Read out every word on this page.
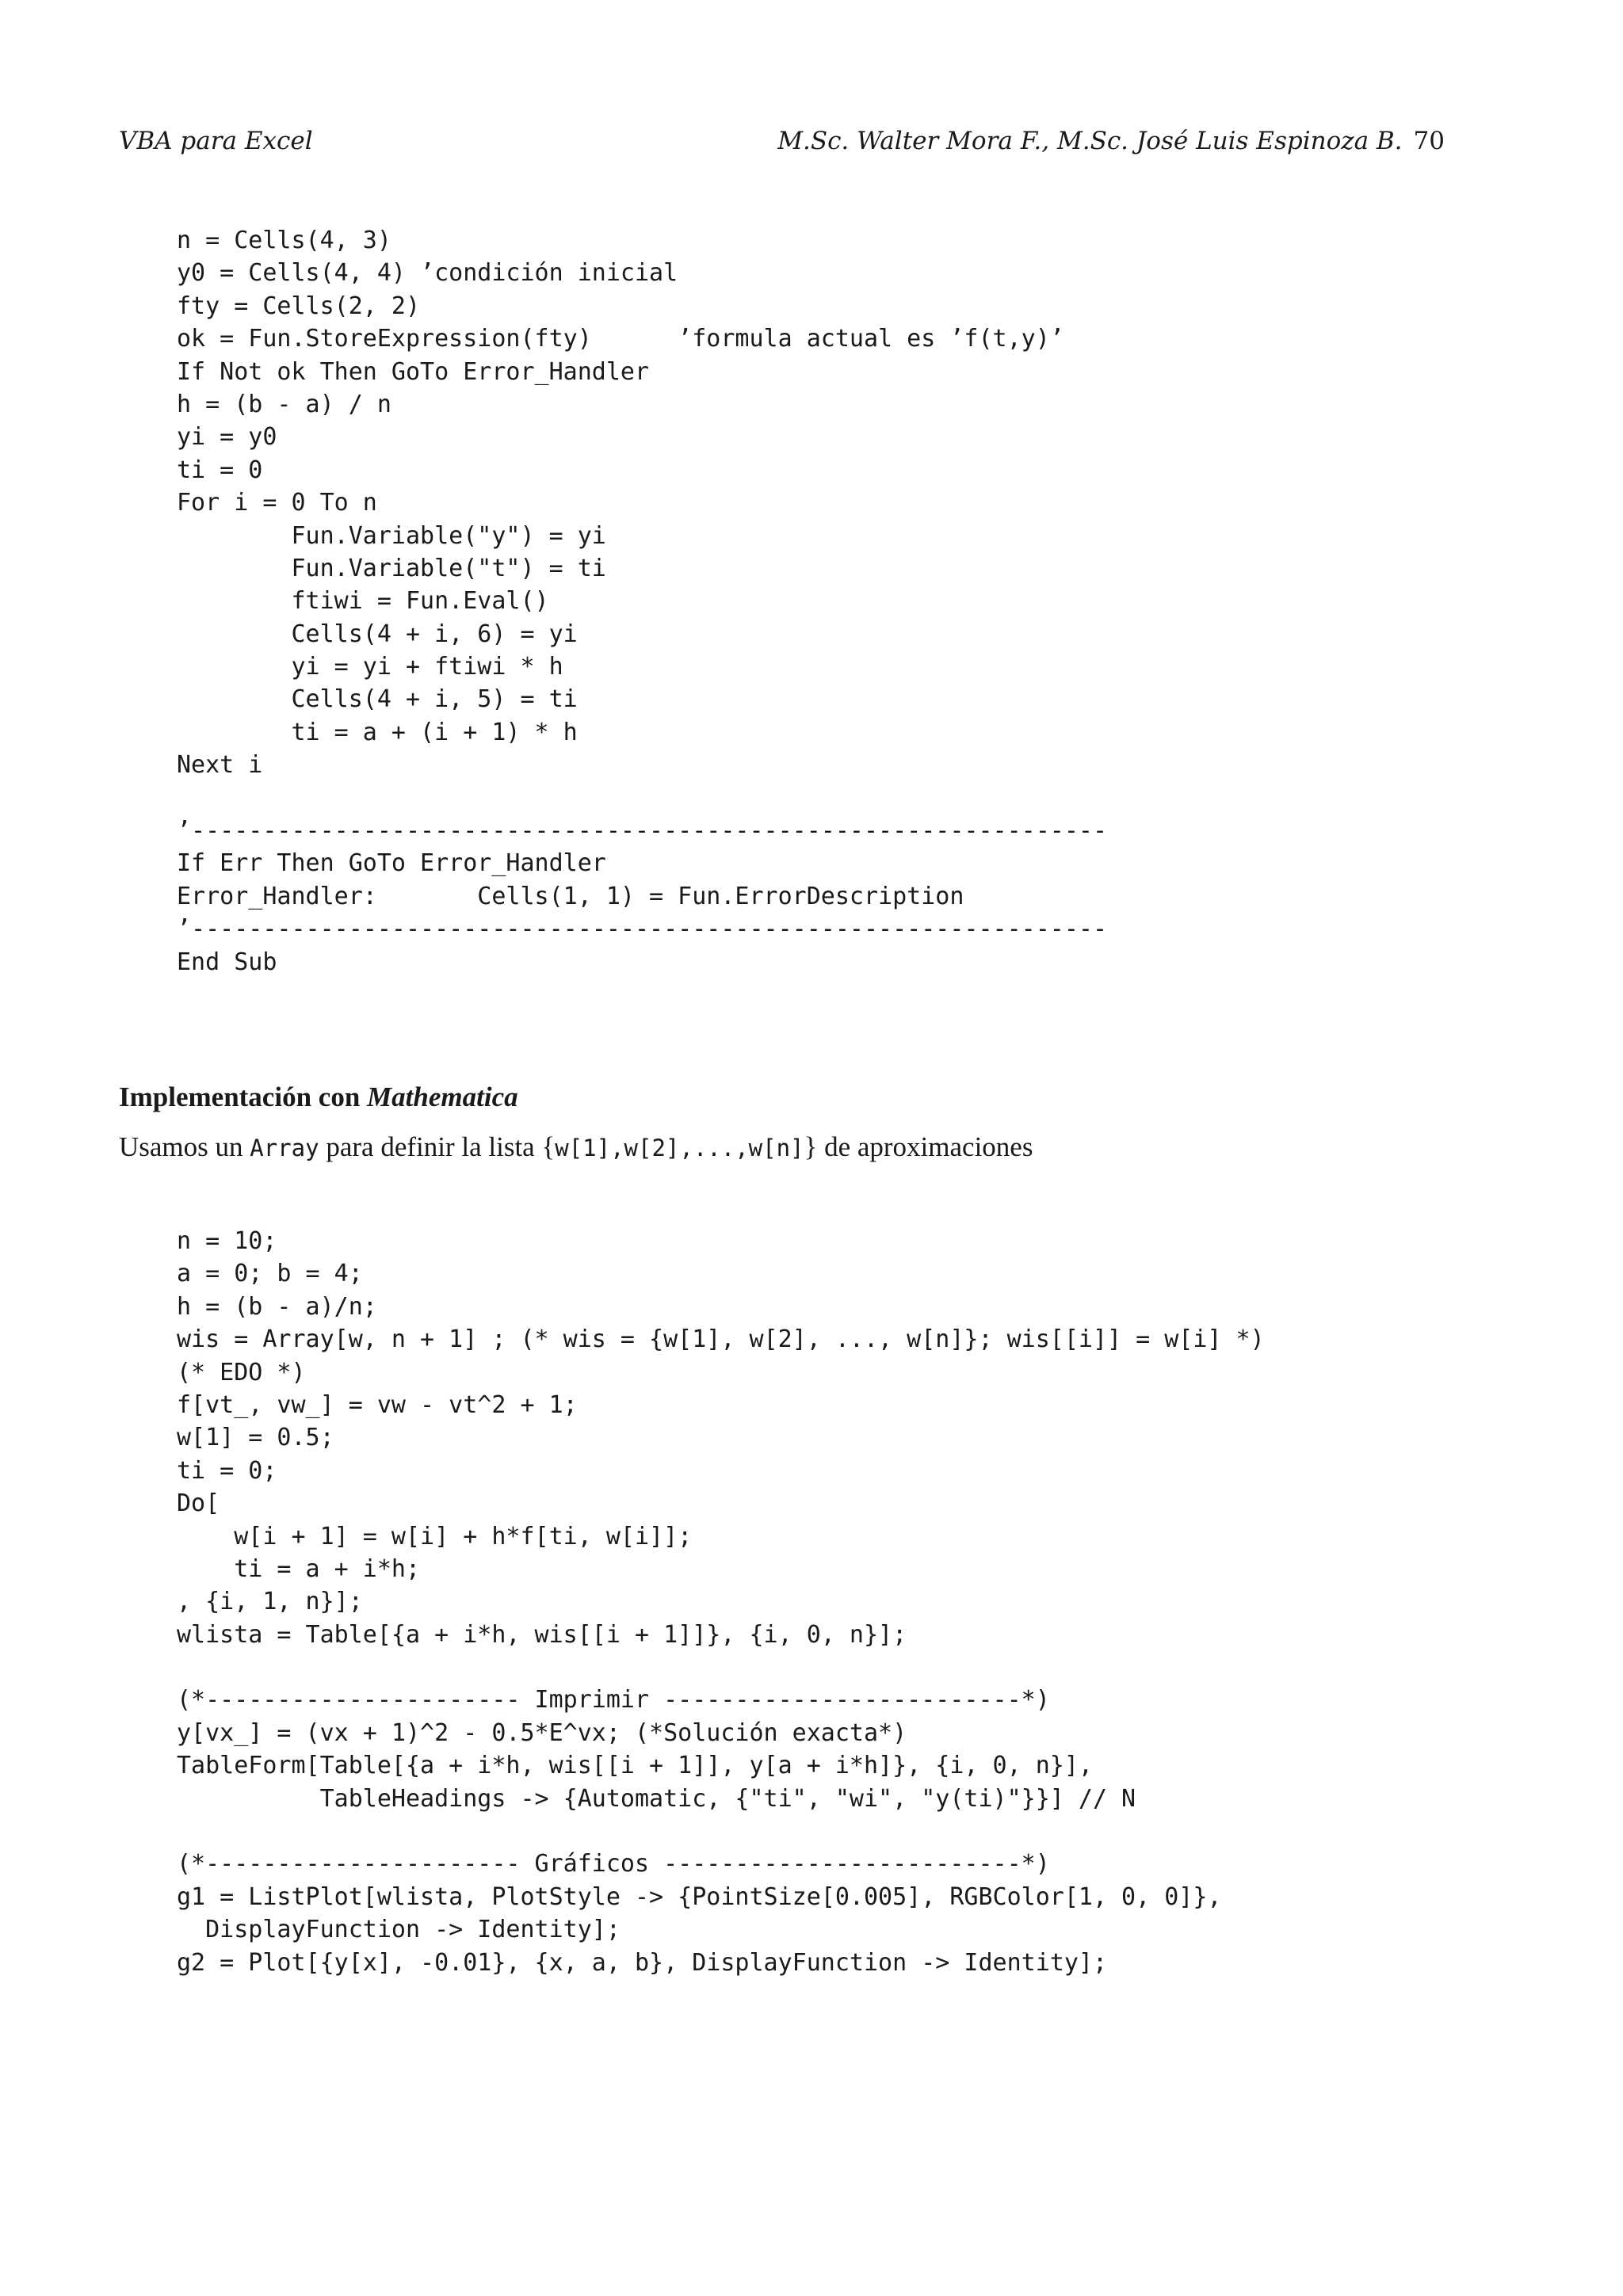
VBA para Excel	M.Sc. Walter Mora F., M.Sc. José Luis Espinoza B. 70
n = Cells(4, 3)
y0 = Cells(4, 4) ’condición inicial
fty = Cells(2, 2)
ok = Fun.StoreExpression(fty)      ’formula actual es ’f(t,y)’
If Not ok Then GoTo Error_Handler
h = (b - a) / n
yi = y0
ti = 0
For i = 0 To n
Fun.Variable("y") = yi
Fun.Variable("t") = ti
ftiwi = Fun.Eval()
Cells(4 + i, 6) = yi
yi = yi + ftiwi * h
Cells(4 + i, 5) = ti
ti = a + (i + 1) * h
Next i
’----------------------------------------------------------------
If Err Then GoTo Error_Handler
Error_Handler:       Cells(1, 1) = Fun.ErrorDescription
’----------------------------------------------------------------
End Sub
Implementación con Mathematica
Usamos un Array para definir la lista {w[1],w[2],...,w[n]} de aproximaciones
n = 10;
a = 0; b = 4;
h = (b - a)/n;
wis = Array[w, n + 1] ; (* wis = {w[1], w[2], ..., w[n]}; wis[[i]] = w[i] *)
(* EDO *)
f[vt_, vw_] = vw - vt^2 + 1;
w[1] = 0.5;
ti = 0;
Do[
w[i + 1] = w[i] + h*f[ti, w[i]];
ti = a + i*h;
, {i, 1, n}];
wlista = Table[{a + i*h, wis[[i + 1]]}, {i, 0, n}];
(*---------------------- Imprimir -------------------------*)
y[vx_] = (vx + 1)^2 - 0.5*E^vx; (*Solución exacta*)
TableForm[Table[{a + i*h, wis[[i + 1]], y[a + i*h]}, {i, 0, n}],
TableHeadings -> {Automatic, {"ti", "wi", "y(ti)"}}] // N
(*---------------------- Gráficos -------------------------*)
g1 = ListPlot[wlista, PlotStyle -> {PointSize[0.005], RGBColor[1, 0, 0]},
DisplayFunction -> Identity];
g2 = Plot[{y[x], -0.01}, {x, a, b}, DisplayFunction -> Identity];
